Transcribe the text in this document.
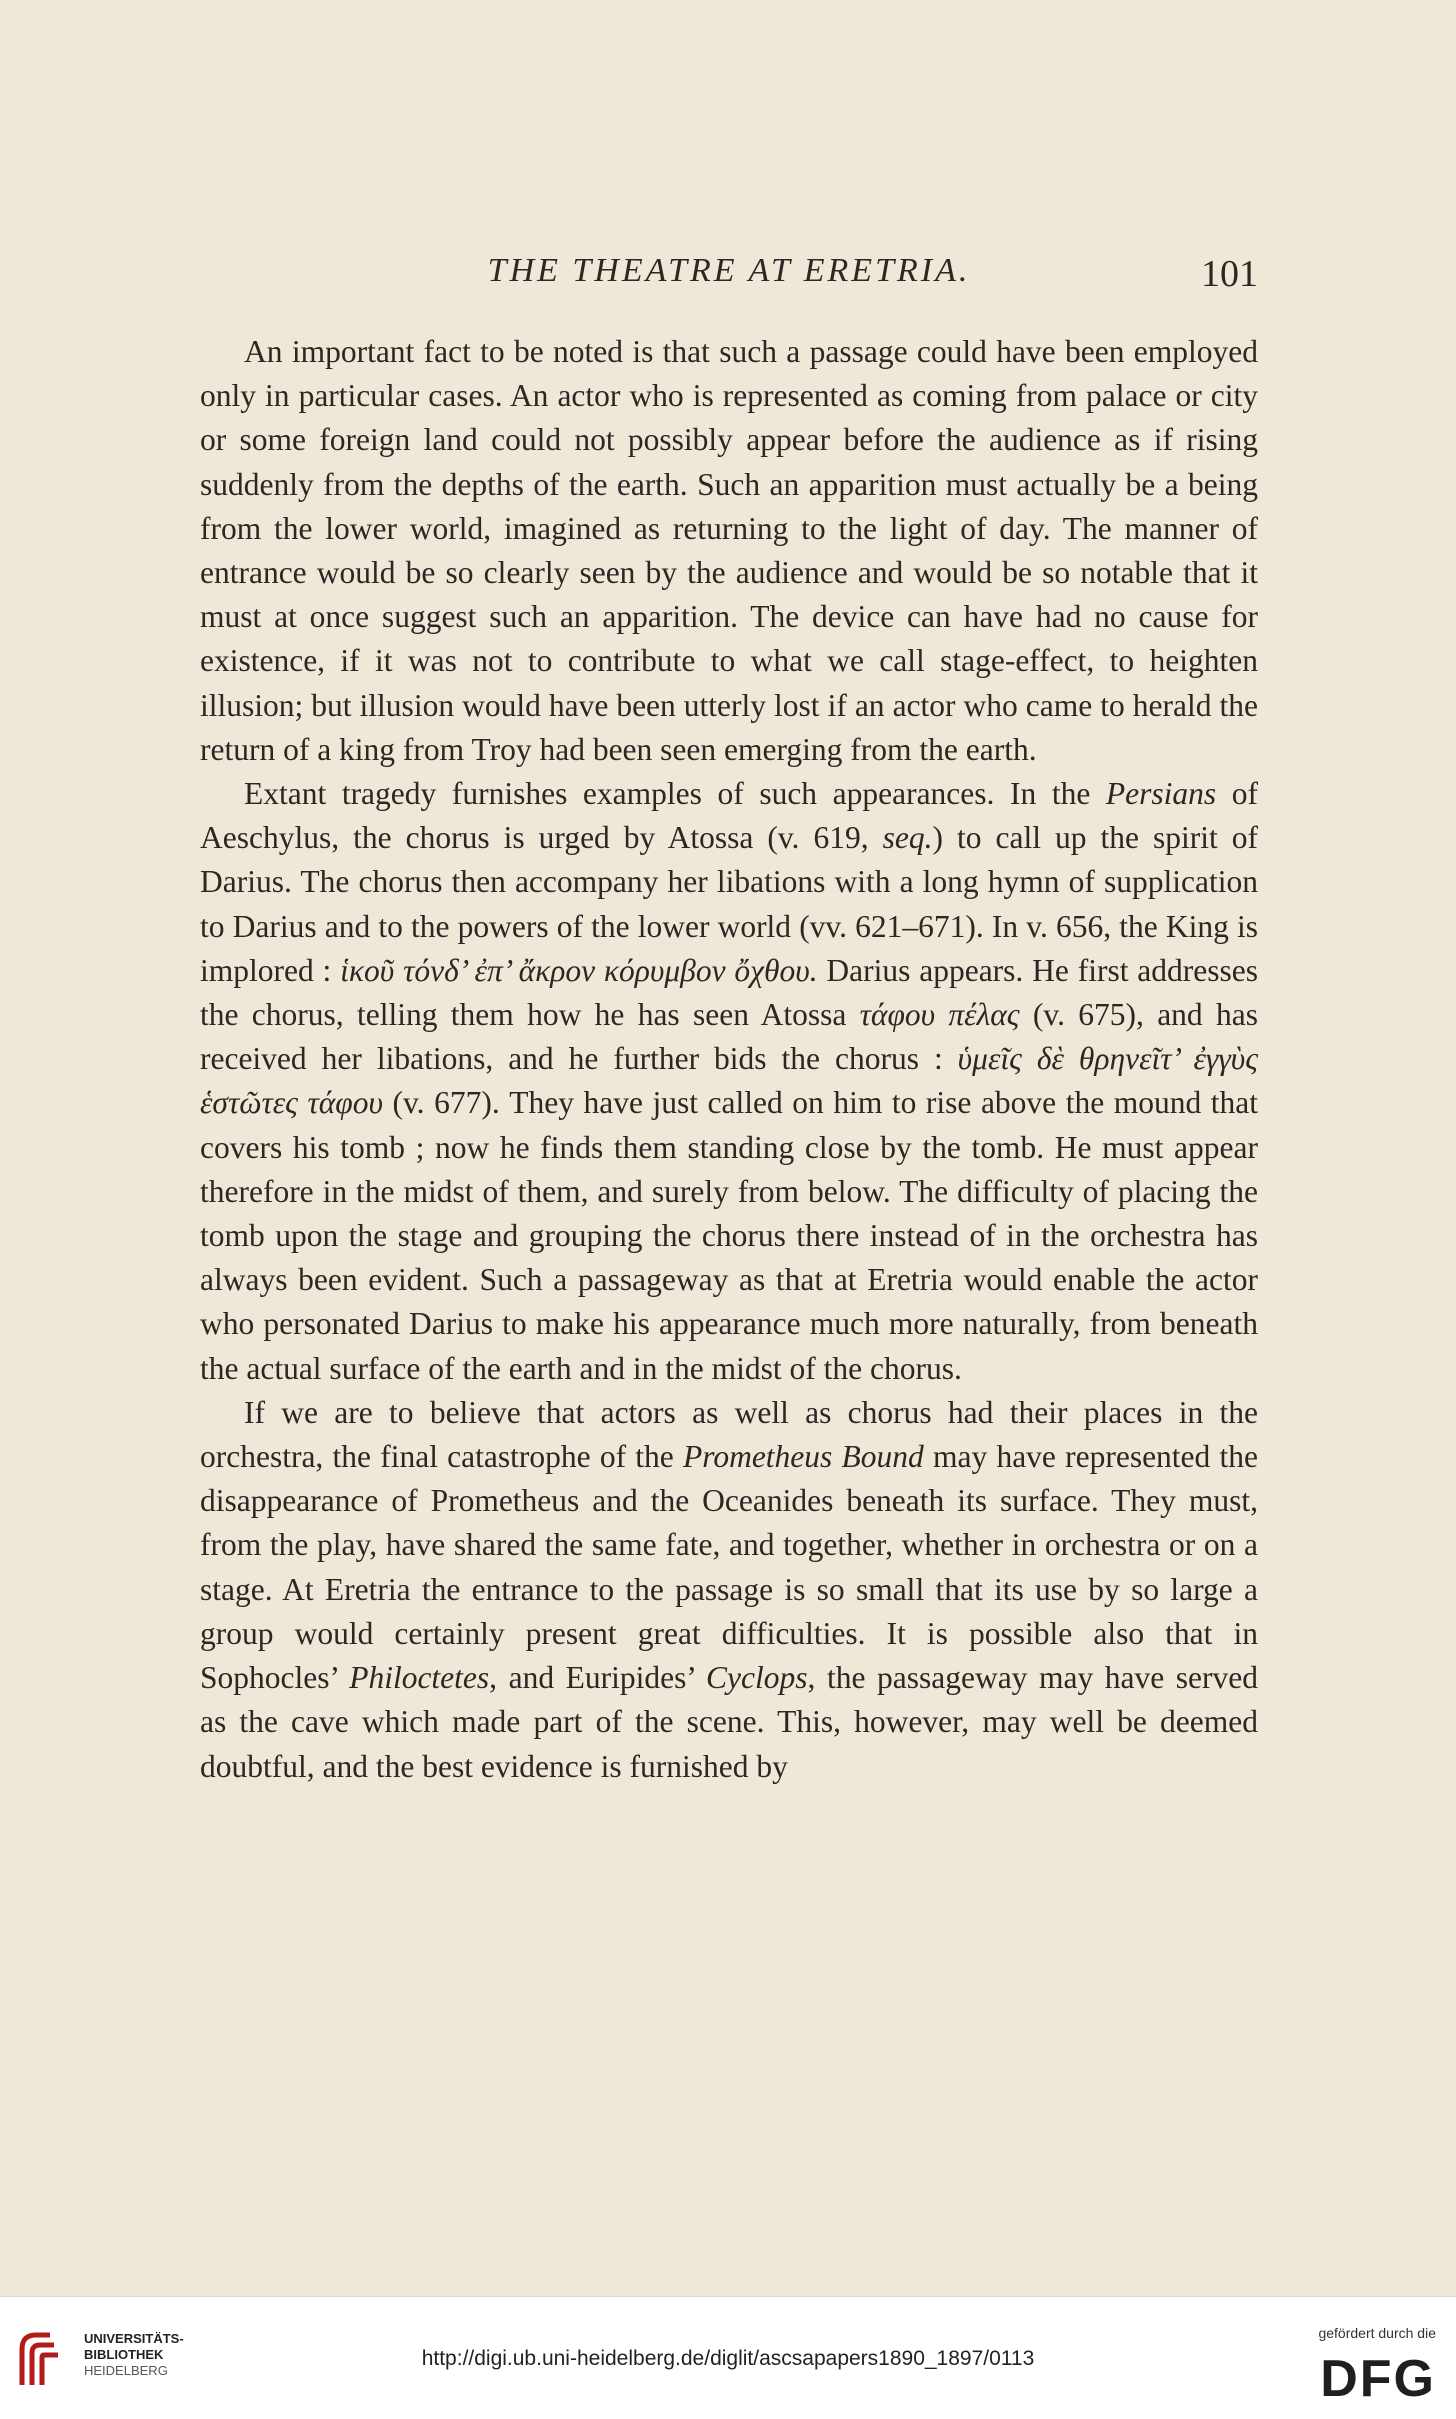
THE THEATRE AT ERETRIA.	101

An important fact to be noted is that such a passage could have been employed only in particular cases. An actor who is represented as coming from palace or city or some foreign land could not possibly appear before the audience as if rising suddenly from the depths of the earth. Such an apparition must actually be a being from the lower world, imagined as returning to the light of day. The manner of entrance would be so clearly seen by the audience and would be so notable that it must at once suggest such an apparition. The device can have had no cause for existence, if it was not to contribute to what we call stage-effect, to heighten illusion; but illusion would have been utterly lost if an actor who came to herald the return of a king from Troy had been seen emerging from the earth.

Extant tragedy furnishes examples of such appearances. In the Persians of Aeschylus, the chorus is urged by Atossa (v. 619, seq.) to call up the spirit of Darius. The chorus then accompany her libations with a long hymn of supplication to Darius and to the powers of the lower world (vv. 621–671). In v. 656, the King is implored : ἱκοῦ τόνδ’ ἐπ’ ἄκρον κόρυμβον ὄχθου. Darius appears. He first addresses the chorus, telling them how he has seen Atossa τάφου πέλας (v. 675), and has received her libations, and he further bids the chorus : ὑμεῖς δὲ θρηνεῖτ’ ἐγγὺς ἑστῶτες τάφου (v. 677). They have just called on him to rise above the mound that covers his tomb ; now he finds them standing close by the tomb. He must appear therefore in the midst of them, and surely from below. The difficulty of placing the tomb upon the stage and grouping the chorus there instead of in the orchestra has always been evident. Such a passageway as that at Eretria would enable the actor who personated Darius to make his appearance much more naturally, from beneath the actual surface of the earth and in the midst of the chorus.

If we are to believe that actors as well as chorus had their places in the orchestra, the final catastrophe of the Prometheus Bound may have represented the disappearance of Prometheus and the Oceanides beneath its surface. They must, from the play, have shared the same fate, and together, whether in orchestra or on a stage. At Eretria the entrance to the passage is so small that its use by so large a group would certainly present great difficulties. It is possible also that in Sophocles’ Philoctetes, and Euripides’ Cyclops, the passageway may have served as the cave which made part of the scene. This, however, may well be deemed doubtful, and the best evidence is furnished by

UNIVERSITÄTS-
BIBLIOTHEK
HEIDELBERG
http://digi.ub.uni-heidelberg.de/diglit/ascsapapers1890_1897/0113
gefördert durch die
DFG
